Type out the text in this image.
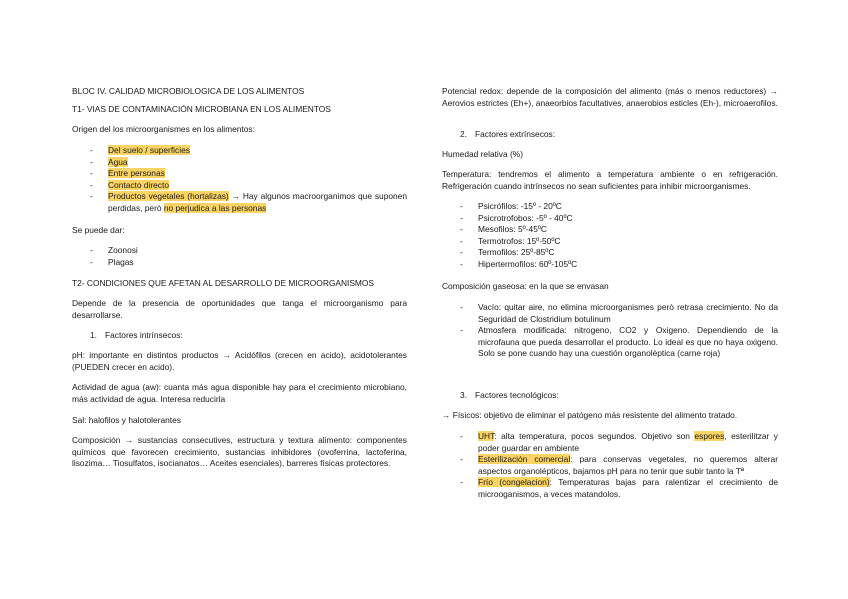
BLOC IV. CALIDAD MICROBIOLOGICA DE LOS ALIMENTOS

T1- VIAS DE CONTAMINACIÓN MICROBIANA EN LOS ALIMENTOS

Origen del los microorganismes en los alimentos:

- Del suelo / superficies
- Agua
- Entre personas
- Contacto directo
- Productos vegetales (hortalizas) → Hay algunos macroorganimos que suponen perdidas, però no perjudica a las personas

Se puede dar:

- Zoonosi
- Plagas

T2- CONDICIONES QUE AFETAN AL DESARROLLO DE MICROORGANISMOS

Depende de la presencia de oportunidades que tanga el microorganismo para desarrollarse.

1. Factores intrínsecos:

pH: importante en distintos productos → Acidófilos (crecen en acido), acidotolerantes (PUEDEN crecer en acido).

Actividad de agua (aw): cuanta más agua disponible hay para el crecimiento microbiano, más actividad de agua. Interesa reducirla

Sal: halofilos y halotolerantes

Composición → sustancias consecutives, estructura y textura alimento: componentes químicos que favorecen crecimiento, sustancias inhibidores (ovoferrina, lactoferina, lisozima… Tiosulfatos, isocianatos… Aceites esenciales), barreres físicas protectores.

Potencial redox: depende de la composición del alimento (más o menos reductores) → Aerovios estrictes (Eh+), anaeorbios facultatives, anaerobios esticles (Eh-), microaerofilos.

2. Factores extrínsecos:

Humedad relativa (%)

Temperatura: tendremos el alimento a temperatura ambiente o en refrigeración. Refrigeración cuando intrínsecos no sean suficientes para inhibir microorganismes.

- Psicrófilos: -15º - 20ºC
- Psicrotrofobos: -5º - 40ºC
- Mesofilos: 5º-45ºC
- Termotrofos: 15º-50ºC
- Termofilos: 25º-85ºC
- Hipertermofilos: 60º-105ºC

Composición gaseosa: en la que se envasan

- Vacío: quitar aire, no elimina microorganismes però retrasa crecimiento. No da Seguridad de Clostridium botulinum
- Atmosfera modificada: nitrogeno, CO2 y Oxigeno. Dependiendo de la microfauna que pueda desarrollar el producto. Lo ideal es que no haya oxigeno. Solo se pone cuando hay una cuestión organolèptica (carne roja)

3. Factores tecnológicos:

→ Físicos: objetivo de eliminar el patógeno más resistente del alimento tratado.

- UHT: alta temperatura, pocos segundos. Objetivo son espores, esterilitzar y poder guardar en ambiente
- Esterilización comercial: para conservas vegetales, no queremos alterar aspectos organolépticos, bajamos pH para no tenir que subir tanto la Tª
- Frío (congelacion): Temperaturas bajas para ralentizar el crecimiento de microoganismos, a veces matandolos.
